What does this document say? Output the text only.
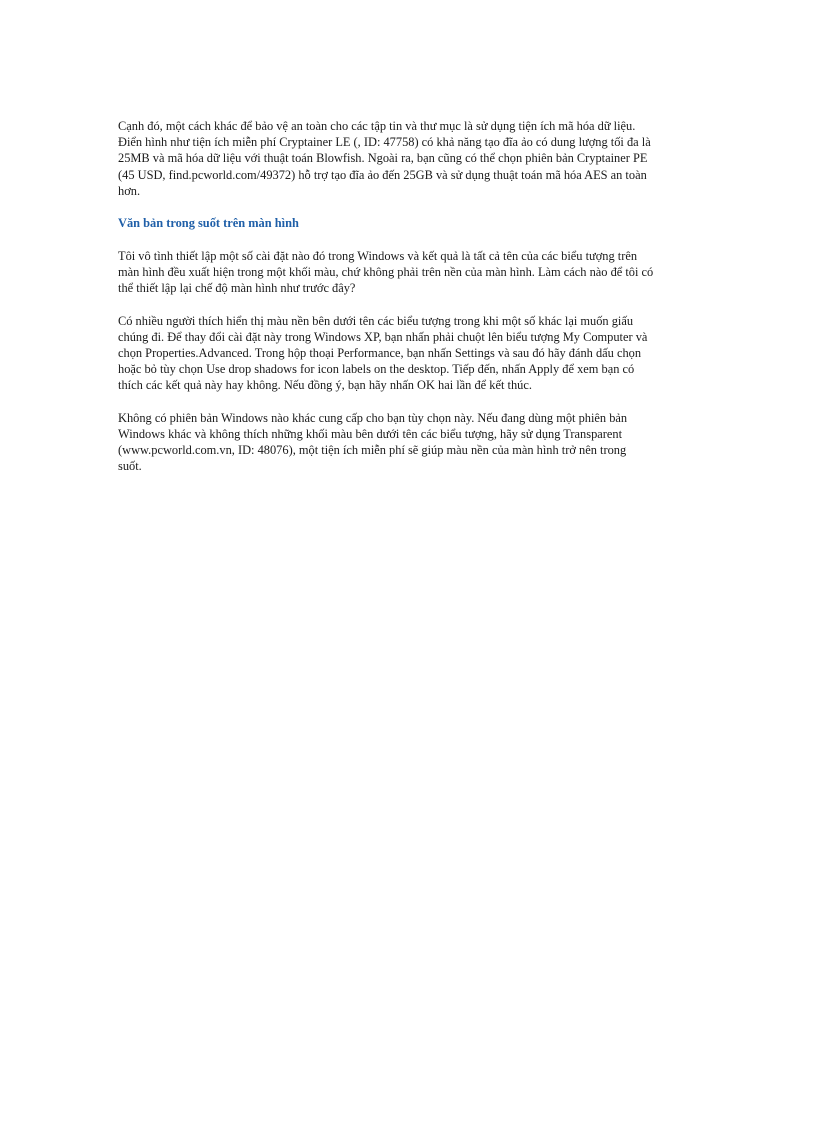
Cạnh đó, một cách khác để bảo vệ an toàn cho các tập tin và thư mục là sử dụng tiện ích mã hóa dữ liệu.
Điển hình như tiện ích miễn phí Cryptainer LE (, ID: 47758) có khả năng tạo đĩa ảo có dung lượng tối đa là
25MB và mã hóa dữ liệu với thuật toán Blowfish. Ngoài ra, bạn cũng có thể chọn phiên bản Cryptainer PE
(45 USD, find.pcworld.com/49372) hỗ trợ tạo đĩa ảo đến 25GB và sử dụng thuật toán mã hóa AES an toàn
hơn.

Văn bản trong suốt trên màn hình

Tôi vô tình thiết lập một số cài đặt nào đó trong Windows và kết quả là tất cả tên của các biểu tượng trên
màn hình đều xuất hiện trong một khối màu, chứ không phải trên nền của màn hình. Làm cách nào để tôi có
thể thiết lập lại chế độ màn hình như trước đây?

Có nhiều người thích hiển thị màu nền bên dưới tên các biểu tượng trong khi một số khác lại muốn giấu
chúng đi. Để thay đổi cài đặt này trong Windows XP, bạn nhấn phải chuột lên biểu tượng My Computer và
chọn Properties.Advanced. Trong hộp thoại Performance, bạn nhấn Settings và sau đó hãy đánh dấu chọn
hoặc bỏ tùy chọn Use drop shadows for icon labels on the desktop. Tiếp đến, nhấn Apply để xem bạn có
thích các kết quả này hay không. Nếu đồng ý, bạn hãy nhấn OK hai lần để kết thúc.

Không có phiên bản Windows nào khác cung cấp cho bạn tùy chọn này. Nếu đang dùng một phiên bản
Windows khác và không thích những khối màu bên dưới tên các biểu tượng, hãy sử dụng Transparent
(www.pcworld.com.vn, ID: 48076), một tiện ích miễn phí sẽ giúp màu nền của màn hình trở nên trong
suốt.
